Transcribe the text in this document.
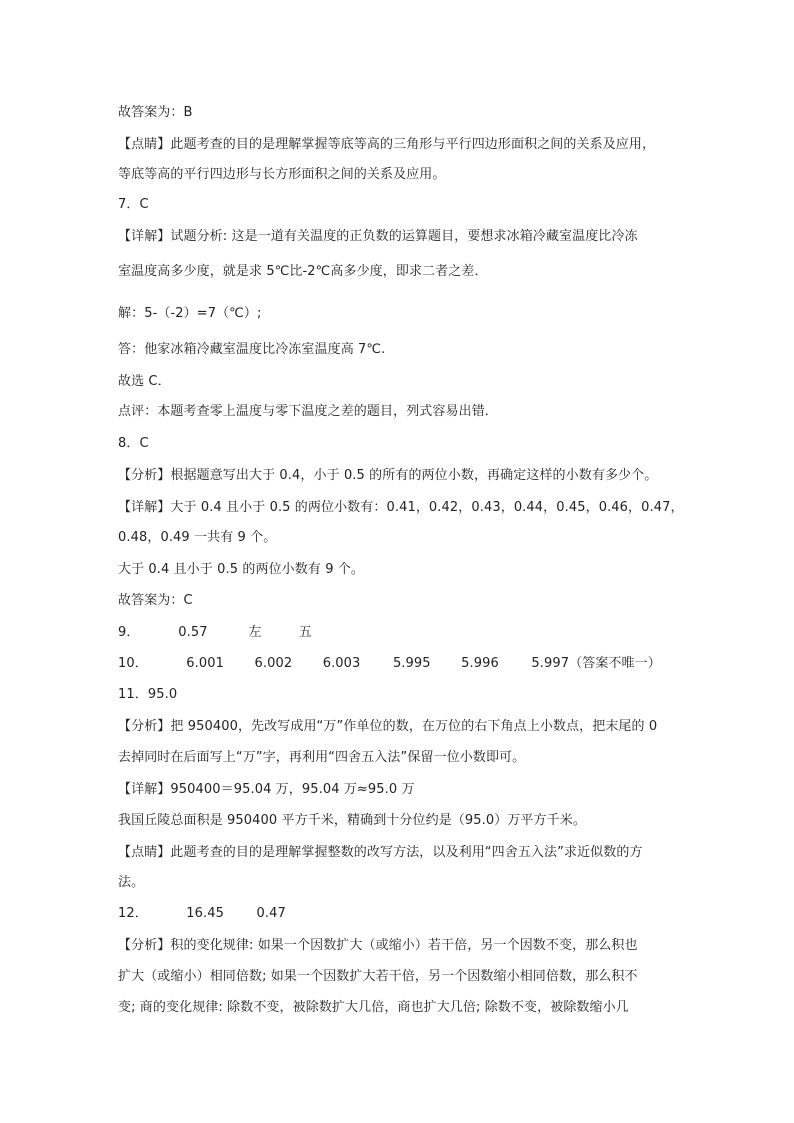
故答案为：B
【点睛】此题考查的目的是理解掌握等底等高的三角形与平行四边形面积之间的关系及应用，
等底等高的平行四边形与长方形面积之间的关系及应用。
7．C
【详解】试题分析: 这是一道有关温度的正负数的运算题目，要想求冰箱冷藏室温度比冷冻
室温度高多少度，就是求 5℃比-2℃高多少度，即求二者之差．
解：5-（-2）=7（℃）;
答：他家冰箱冷藏室温度比冷冻室温度高 7℃.
故选 C．
点评：本题考查零上温度与零下温度之差的题目，列式容易出错．
8．C
【分析】根据题意写出大于 0.4，小于 0.5 的所有的两位小数，再确定这样的小数有多少个。
【详解】大于 0.4 且小于 0.5 的两位小数有：0.41，0.42，0.43，0.44，0.45，0.46，0.47，
0.48，0.49 一共有 9 个。
大于 0.4 且小于 0.5 的两位小数有 9 个。
故答案为：C
9．	0.57	左	五
10．	6.001 6.002 6.003	5.995 5.996	5.997（答案不唯一）
11．95.0
【分析】把 950400，先改写成用“万”作单位的数，在万位的右下角点上小数点，把末尾的 0
去掉同时在后面写上“万”字，再利用“四舍五入法”保留一位小数即可。
【详解】950400＝95.04 万，95.04 万≈95.0 万
我国丘陵总面积是 950400 平方千米，精确到十分位约是（95.0）万平方千米。
【点睛】此题考查的目的是理解掌握整数的改写方法，以及利用“四舍五入法”求近似数的方
法。
12．	16.45	0.47
【分析】积的变化规律: 如果一个因数扩大（或缩小）若干倍，另一个因数不变，那么积也
扩大（或缩小）相同倍数; 如果一个因数扩大若干倍，另一个因数缩小相同倍数，那么积不
变; 商的变化规律: 除数不变，被除数扩大几倍，商也扩大几倍; 除数不变，被除数缩小几
